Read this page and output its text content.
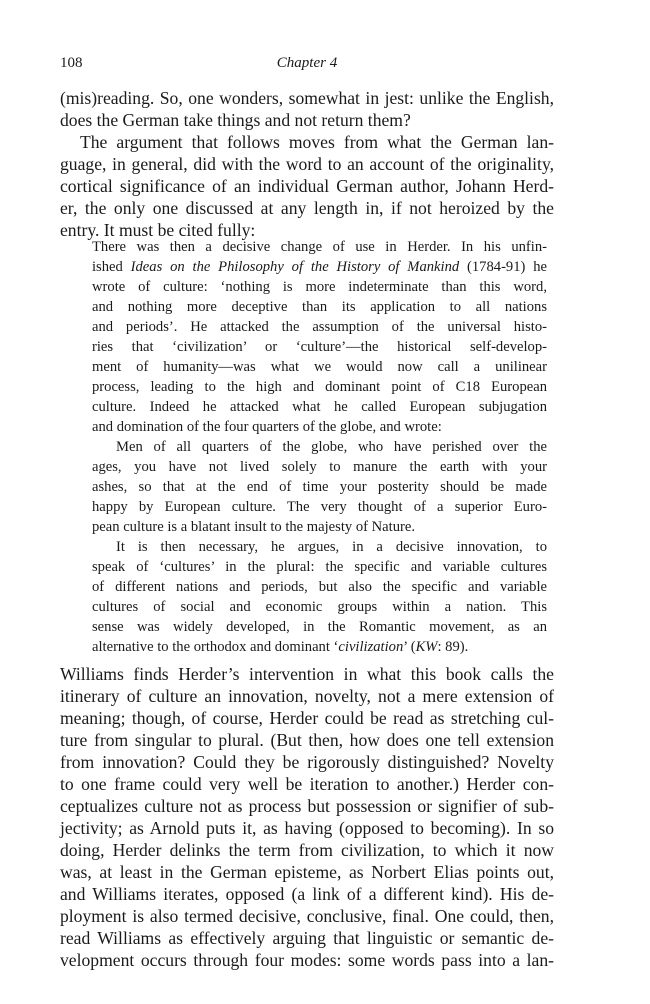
108	Chapter 4
(mis)reading. So, one wonders, somewhat in jest: unlike the English,
does the German take things and not return them?
The argument that follows moves from what the German lan-
guage, in general, did with the word to an account of the originality,
cortical significance of an individual German author, Johann Herd-
er, the only one discussed at any length in, if not heroized by the
entry. It must be cited fully:
There was then a decisive change of use in Herder. In his unfin-
ished Ideas on the Philosophy of the History of Mankind (1784-91) he
wrote of culture: ‘nothing is more indeterminate than this word,
and nothing more deceptive than its application to all nations
and periods’. He attacked the assumption of the universal histo-
ries that ‘civilization’ or ‘culture’—the historical self-develop-
ment of humanity—was what we would now call a unilinear
process, leading to the high and dominant point of C18 European
culture. Indeed he attacked what he called European subjugation
and domination of the four quarters of the globe, and wrote:
Men of all quarters of the globe, who have perished over the
ages, you have not lived solely to manure the earth with your
ashes, so that at the end of time your posterity should be made
happy by European culture. The very thought of a superior Euro-
pean culture is a blatant insult to the majesty of Nature.
It is then necessary, he argues, in a decisive innovation, to
speak of ‘cultures’ in the plural: the specific and variable cultures
of different nations and periods, but also the specific and variable
cultures of social and economic groups within a nation. This
sense was widely developed, in the Romantic movement, as an
alternative to the orthodox and dominant ‘civilization’ (KW: 89).
Williams finds Herder’s intervention in what this book calls the
itinerary of culture an innovation, novelty, not a mere extension of
meaning; though, of course, Herder could be read as stretching cul-
ture from singular to plural. (But then, how does one tell extension
from innovation? Could they be rigorously distinguished? Novelty
to one frame could very well be iteration to another.) Herder con-
ceptualizes culture not as process but possession or signifier of sub-
jectivity; as Arnold puts it, as having (opposed to becoming). In so
doing, Herder delinks the term from civilization, to which it now
was, at least in the German episteme, as Norbert Elias points out,
and Williams iterates, opposed (a link of a different kind). His de-
ployment is also termed decisive, conclusive, final. One could, then,
read Williams as effectively arguing that linguistic or semantic de-
velopment occurs through four modes: some words pass into a lan-
